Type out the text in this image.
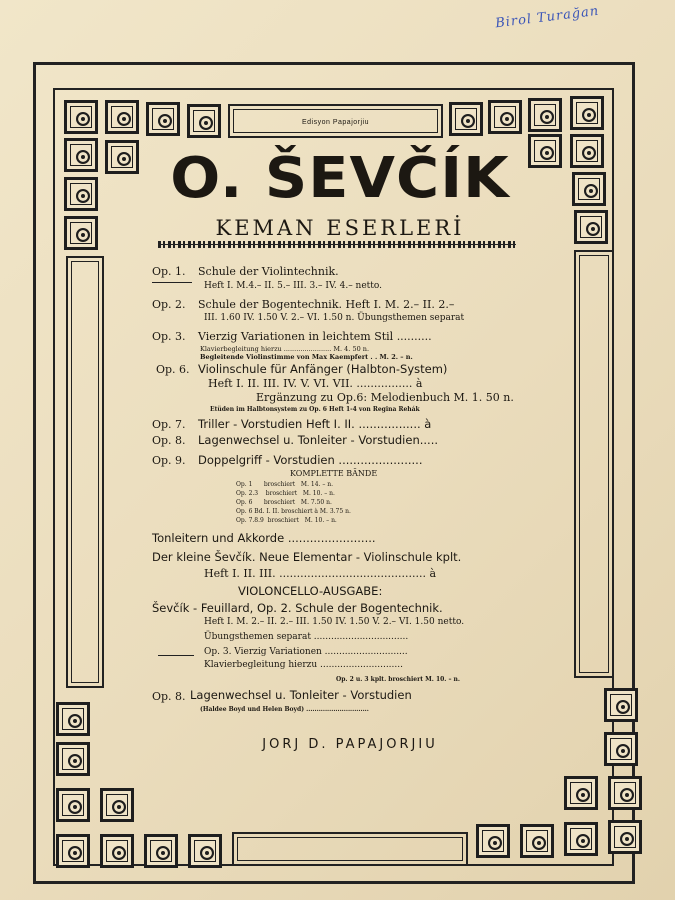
Birol Turağan
Edisyon Papajorjiu
O. ŠEVČÍK
KEMAN ESERLERİ
Op. 1. Schule der Violintechnik.
Heft I. M.4.– II. 5.– III. 3.– IV. 4.– netto.
Op. 2. Schule der Bogentechnik. Heft I. M. 2.– II. 2.–
III. 1.60 IV. 1.50 V. 2.– VI. 1.50 n. Übungsthemen separat
Op. 3. Vierzig Variationen in leichtem Stil ..........
Klavierbegleitung hierzu ....................... M. 4. 50 n.
Begleitende Violinstimme von Max Kaempfert . . M. 2. – n.
Op. 6. Violinschule für Anfänger (Halbton-System)
Heft I. II. III. IV. V. VI. VII. ................ à
Ergänzung zu Op.6: Melodienbuch M. 1. 50 n.
Etüden im Halbtonsystem zu Op. 6 Heft 1-4 von Regina Rehák
Op. 7. Triller - Vorstudien Heft I. II. ................. à
Op. 8. Lagenwechsel u. Tonleiter - Vorstudien.....
Op. 9. Doppelgriff - Vorstudien .......................
KOMPLETTE BÄNDE
Op. 1      broschiert   M. 14. – n.
Op. 2.3    broschiert   M. 10. – n.
Op. 6      broschiert   M. 7.50 n.
Op. 6 Bd. I. II. broschiert à M. 3.75 n.
Op. 7.8.9  broschiert   M. 10. – n.
Tonleitern und Akkorde ........................
Der kleine Ševčík. Neue Elementar - Violinschule kplt.
Heft I. II. III. .......................................... à
VIOLONCELLO-AUSGABE:
Ševčík - Feuillard, Op. 2. Schule der Bogentechnik.
Heft I. M. 2.– II. 2.– III. 1.50 IV. 1.50 V. 2.– VI. 1.50 netto.
Übungsthemen separat .................................
Op. 3. Vierzig Variationen .............................
Klavierbegleitung hierzu .............................
Op. 2 u. 3 kplt. broschiert M. 10. – n.
Op. 8. Lagenwechsel u. Tonleiter - Vorstudien
(Haldee Boyd und Helen Boyd) ..............................
JORJ D. PAPAJORJIU
